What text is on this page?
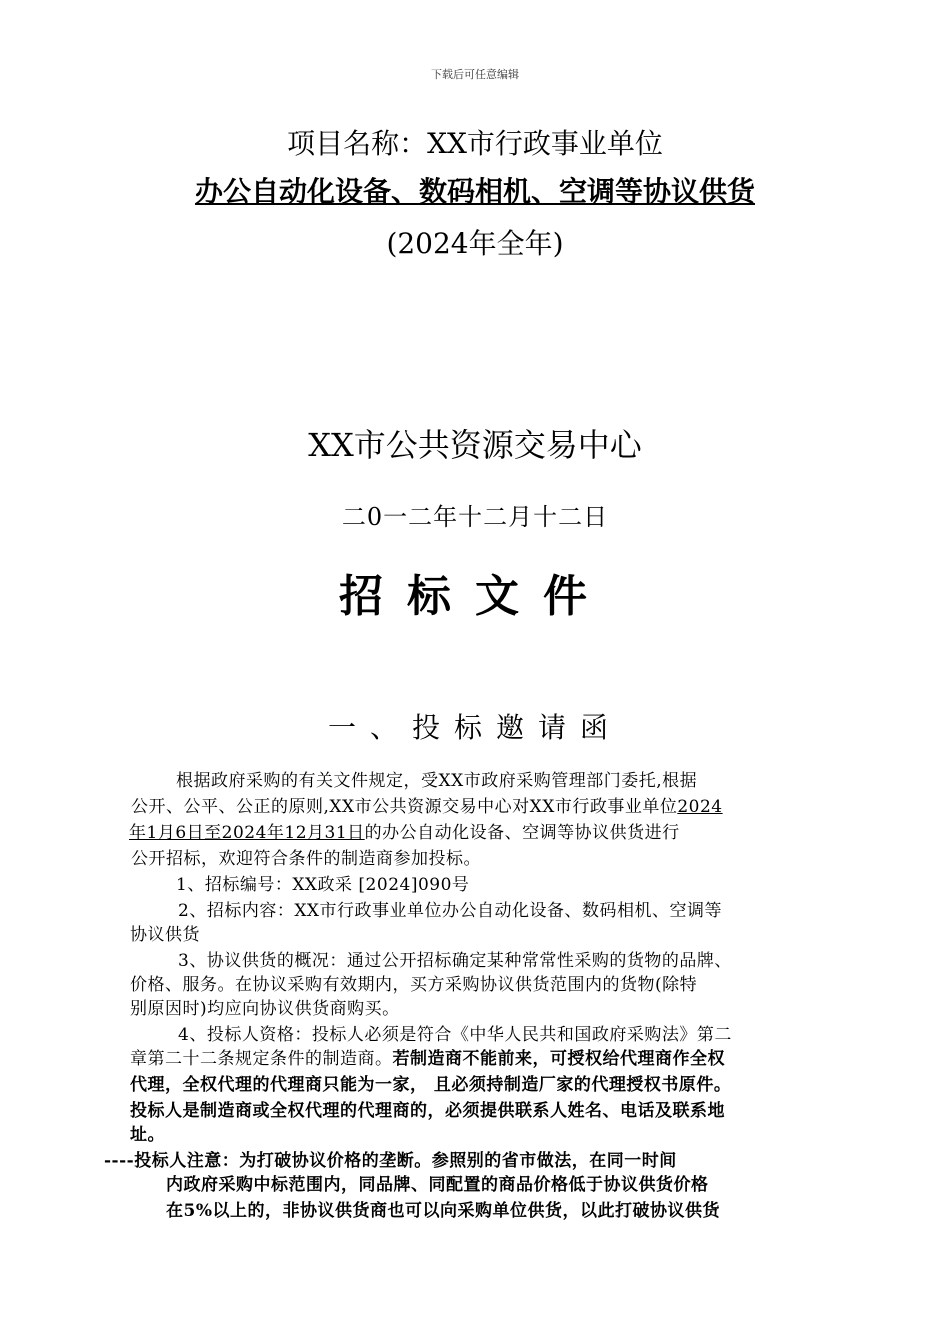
下载后可任意编辑
项目名称：XX市行政事业单位
办公自动化设备、数码相机、空调等协议供货
(2024年全年)
XX市公共资源交易中心
二0一二年十二月十二日
招标文件
一、投标邀请函
根据政府采购的有关文件规定，受XX市政府采购管理部门委托,根据
公开、公平、公正的原则,XX市公共资源交易中心对XX市行政事业单位2024
年1月6日至2024年12月31日的办公自动化设备、空调等协议供货进行
公开招标，欢迎符合条件的制造商参加投标。
1、招标编号：XX政采 [2024]090号
2、招标内容：XX市行政事业单位办公自动化设备、数码相机、空调等
协议供货
3、协议供货的概况：通过公开招标确定某种常常性采购的货物的品牌、
价格、服务。在协议采购有效期内，买方采购协议供货范围内的货物(除特
别原因时)均应向协议供货商购买。
4、投标人资格：投标人必须是符合《中华人民共和国政府采购法》第二
章第二十二条规定条件的制造商。若制造商不能前来，可授权给代理商作全权
代理，全权代理的代理商只能为一家， 且必须持制造厂家的代理授权书原件。
投标人是制造商或全权代理的代理商的，必须提供联系人姓名、电话及联系地
址。
----投标人注意：为打破协议价格的垄断。参照别的省市做法，在同一时间
内政府采购中标范围内，同品牌、同配置的商品价格低于协议供货价格
在5%以上的，非协议供货商也可以向采购单位供货，以此打破协议供货
